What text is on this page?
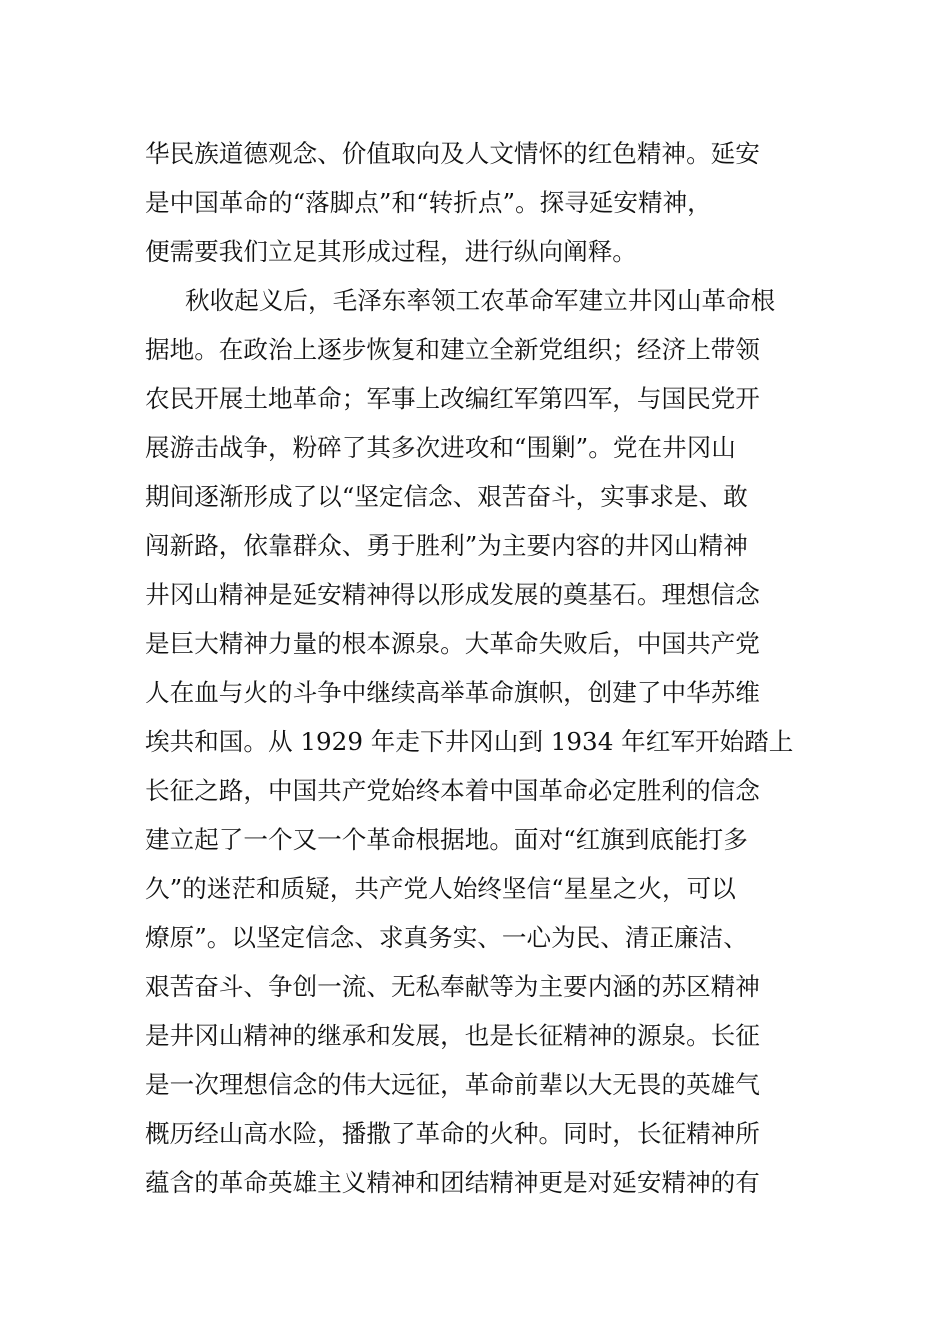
华民族道德观念、价值取向及人文情怀的红色精神。延安
是中国革命的“落脚点”和“转折点”。探寻延安精神，
便需要我们立足其形成过程，进行纵向阐释。
秋收起义后，毛泽东率领工农革命军建立井冈山革命根
据地。在政治上逐步恢复和建立全新党组织；经济上带领
农民开展土地革命；军事上改编红军第四军，与国民党开
展游击战争，粉碎了其多次进攻和“围剿”。党在井冈山
期间逐渐形成了以“坚定信念、艰苦奋斗，实事求是、敢
闯新路，依靠群众、勇于胜利”为主要内容的井冈山精神
井冈山精神是延安精神得以形成发展的奠基石。理想信念
是巨大精神力量的根本源泉。大革命失败后，中国共产党
人在血与火的斗争中继续高举革命旗帜，创建了中华苏维
埃共和国。从 1929 年走下井冈山到 1934 年红军开始踏上
长征之路，中国共产党始终本着中国革命必定胜利的信念
建立起了一个又一个革命根据地。面对“红旗到底能打多
久”的迷茫和质疑，共产党人始终坚信“星星之火，可以
燎原”。以坚定信念、求真务实、一心为民、清正廉洁、
艰苦奋斗、争创一流、无私奉献等为主要内涵的苏区精神
是井冈山精神的继承和发展，也是长征精神的源泉。长征
是一次理想信念的伟大远征，革命前辈以大无畏的英雄气
概历经山高水险，播撒了革命的火种。同时，长征精神所
蕴含的革命英雄主义精神和团结精神更是对延安精神的有
